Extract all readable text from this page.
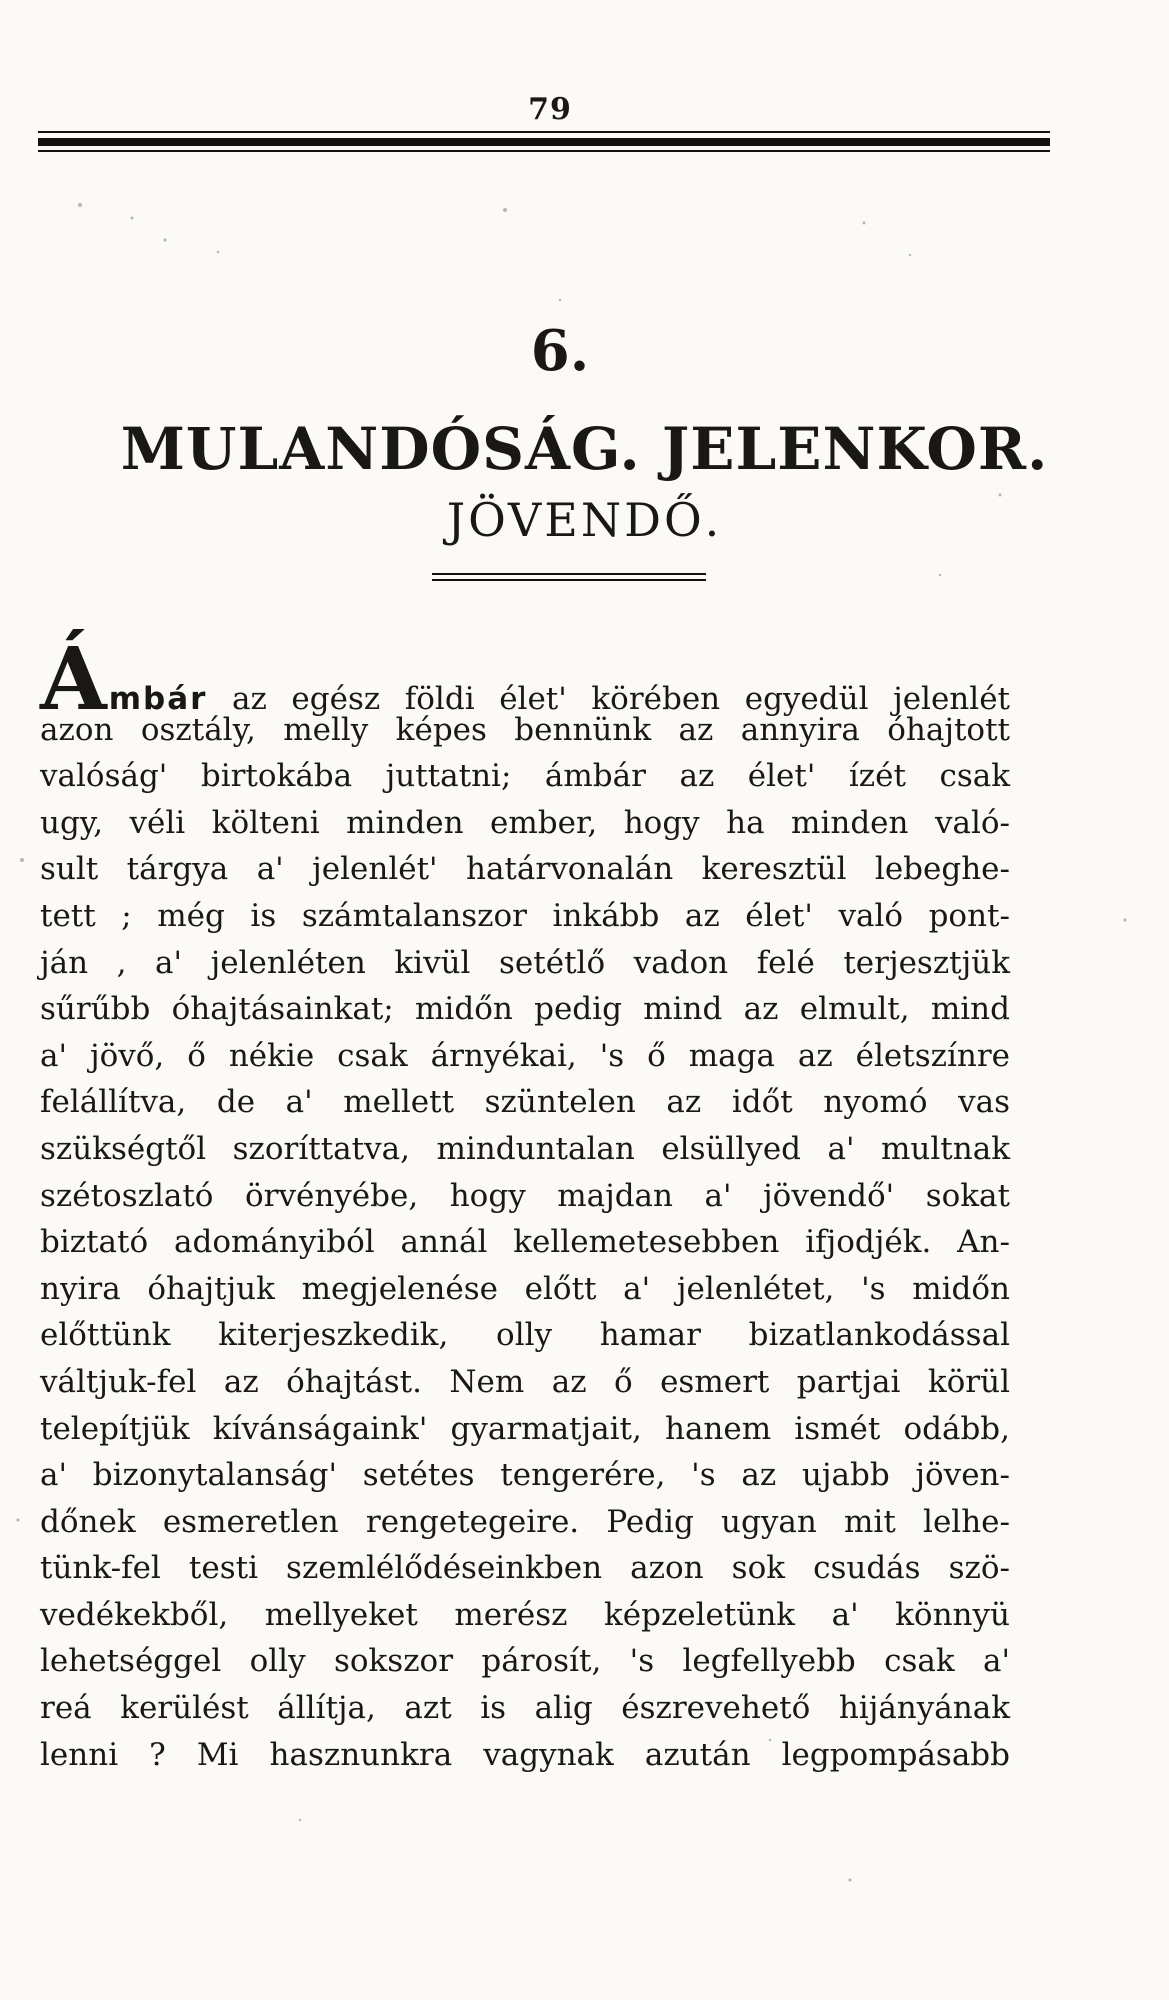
79
6.
MULANDÓSÁG. JELENKOR.
JÖVENDŐ.
Ámbár az egész földi élet' körében egyedül jelenlét
azon osztály, melly képes bennünk az annyira óhajtott
valóság' birtokába juttatni; ámbár az élet' ízét csak
ugy, véli költeni minden ember, hogy ha minden való-
sult tárgya a' jelenlét' határvonalán keresztül lebeghe-
tett ; még is számtalanszor inkább az élet' való pont-
ján , a' jelenléten kivül setétlő vadon felé terjesztjük
sűrűbb óhajtásainkat; midőn pedig mind az elmult, mind
a' jövő, ő nékie csak árnyékai, 's ő maga az életszínre
felállítva, de a' mellett szüntelen az időt nyomó vas
szükségtől szoríttatva, minduntalan elsüllyed a' multnak
szétoszlató örvényébe, hogy majdan a' jövendő' sokat
biztató adományiból annál kellemetesebben ifjodjék. An-
nyira óhajtjuk megjelenése előtt a' jelenlétet, 's midőn
előttünk kiterjeszkedik, olly hamar bizatlankodással
váltjuk-fel az óhajtást. Nem az ő esmert partjai körül
telepítjük kívánságaink' gyarmatjait, hanem ismét odább,
a' bizonytalanság' setétes tengerére, 's az ujabb jöven-
dőnek esmeretlen rengetegeire. Pedig ugyan mit lelhe-
tünk-fel testi szemlélődéseinkben azon sok csudás szö-
vedékekből, mellyeket merész képzeletünk a' könnyü
lehetséggel olly sokszor párosít, 's legfellyebb csak a'
reá kerülést állítja, azt is alig észrevehető hijányának
lenni ? Mi hasznunkra vagynak azután legpompásabb
